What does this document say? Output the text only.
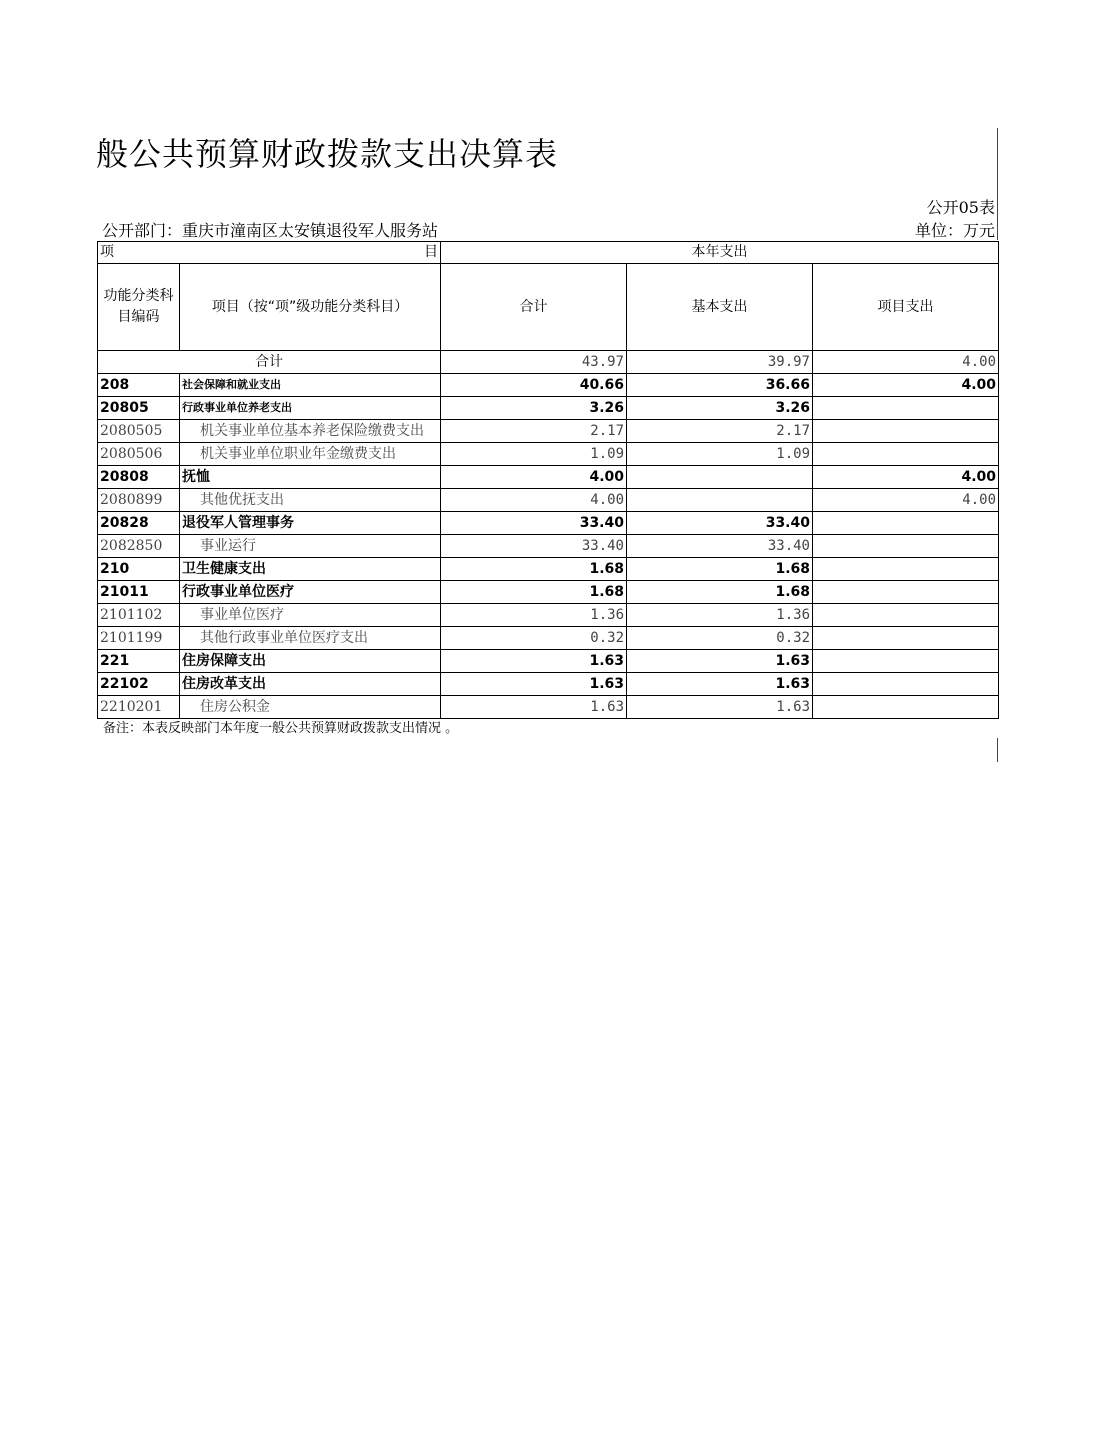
般公共预算财政拨款支出决算表
公开05表
公开部门：重庆市潼南区太安镇退役军人服务站	单位：万元
项 目		本年支出		
功能分类科目编码	项目（按“项”级功能分类科目）	合计	基本支出	项目支出
合计		43.97	39.97	4.00
208	社会保障和就业支出	40.66	36.66	4.00
20805	行政事业单位养老支出	3.26	3.26	
2080505	机关事业单位基本养老保险缴费支出	2.17	2.17	
2080506	机关事业单位职业年金缴费支出	1.09	1.09	
20808	抚恤	4.00		4.00
2080899	其他优抚支出	4.00		4.00
20828	退役军人管理事务	33.40	33.40	
2082850	事业运行	33.40	33.40	
210	卫生健康支出	1.68	1.68	
21011	行政事业单位医疗	1.68	1.68	
2101102	事业单位医疗	1.36	1.36	
2101199	其他行政事业单位医疗支出	0.32	0.32	
221	住房保障支出	1.63	1.63	
22102	住房改革支出	1.63	1.63	
2210201	住房公积金	1.63	1.63	
备注：本表反映部门本年度一般公共预算财政拨款支出情况 。
